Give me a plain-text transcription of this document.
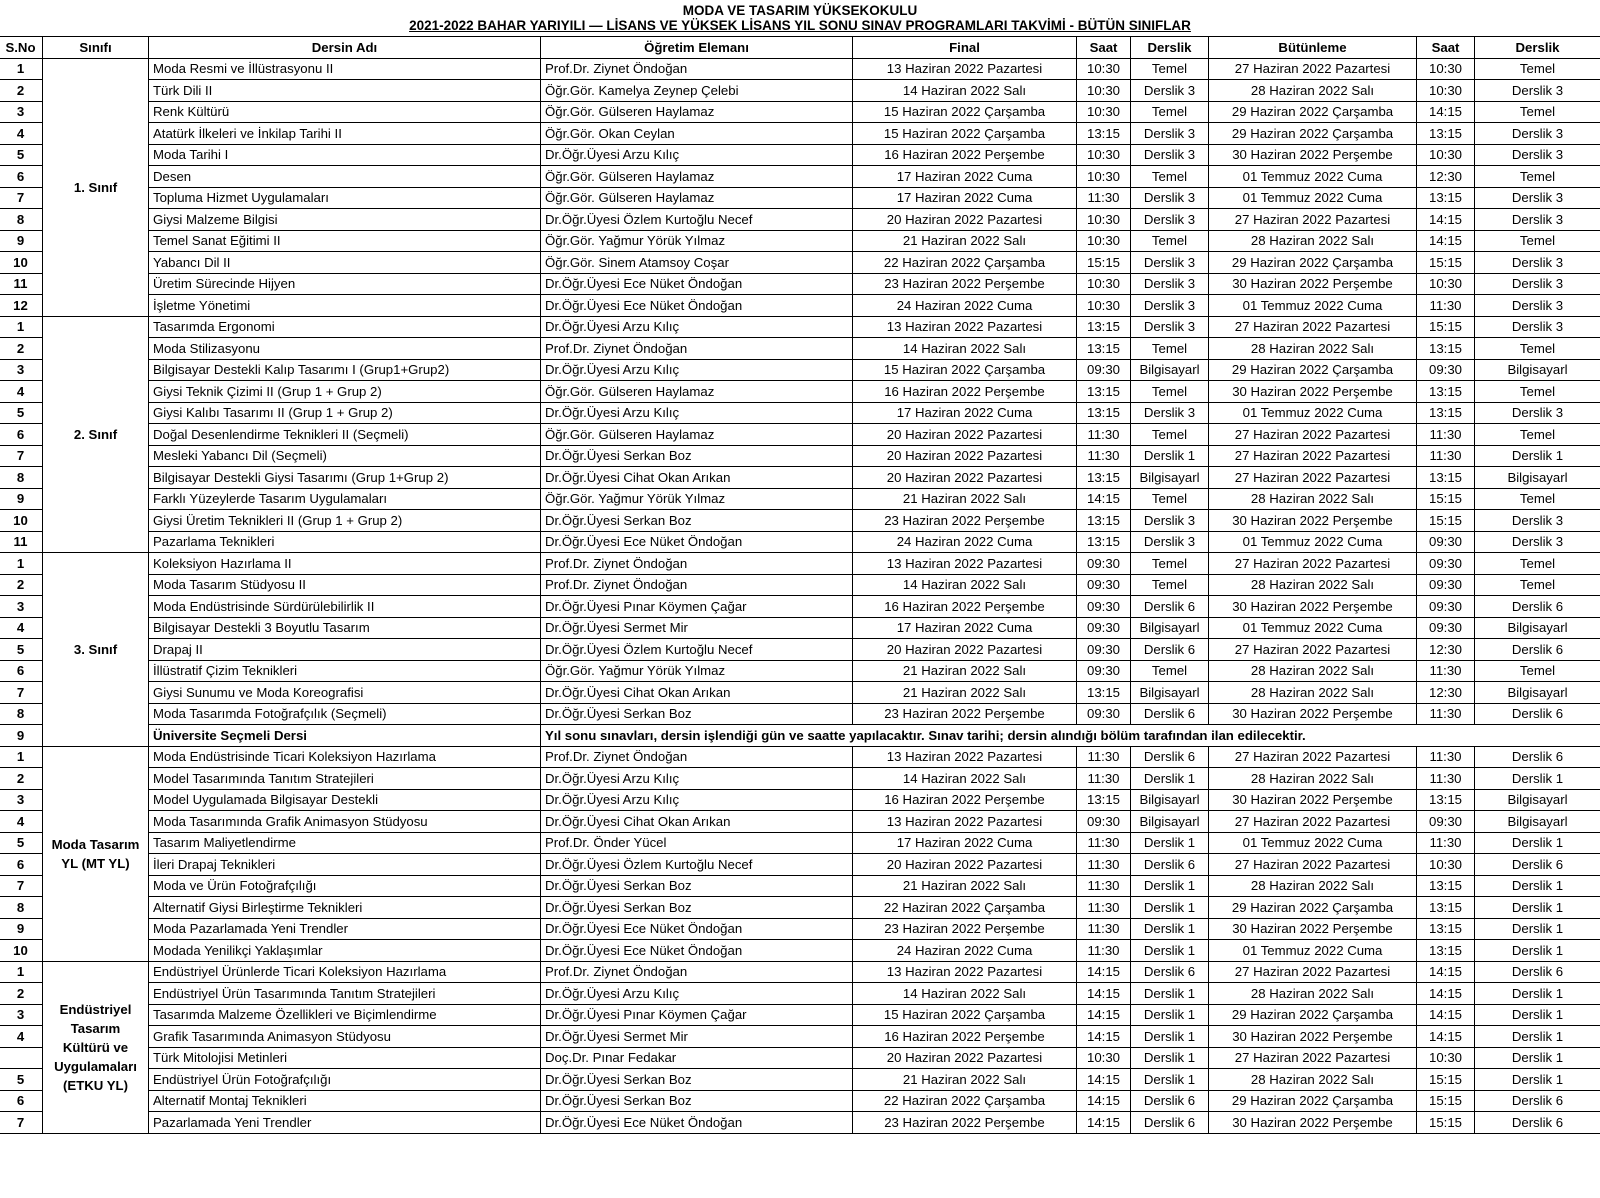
MODA VE TASARIM YÜKSEKOKULU
2021-2022 BAHAR YARIYILI — LİSANS VE YÜKSEK LİSANS YIL SONU SINAV PROGRAMLARI TAKVİMİ - BÜTÜN SINIFLAR
S.No	Sınıfı	Dersin Adı	Öğretim Elemanı	Final	Saat	Derslik	Bütünleme	Saat	Derslik
1	1. Sınıf	Moda Resmi ve İllüstrasyonu II	Prof.Dr. Ziynet Öndoğan	13 Haziran 2022 Pazartesi	10:30	Temel	27 Haziran 2022 Pazartesi	10:30	Temel
2		Türk Dili II	Öğr.Gör. Kamelya Zeynep Çelebi	14 Haziran 2022 Salı	10:30	Derslik 3	28 Haziran 2022 Salı	10:30	Derslik 3
3		Renk Kültürü	Öğr.Gör. Gülseren Haylamaz	15 Haziran 2022 Çarşamba	10:30	Temel	29 Haziran 2022 Çarşamba	14:15	Temel
4		Atatürk İlkeleri ve İnkilap Tarihi II	Öğr.Gör. Okan Ceylan	15 Haziran 2022 Çarşamba	13:15	Derslik 3	29 Haziran 2022 Çarşamba	13:15	Derslik 3
5		Moda Tarihi I	Dr.Öğr.Üyesi Arzu Kılıç	16 Haziran 2022 Perşembe	10:30	Derslik 3	30 Haziran 2022 Perşembe	10:30	Derslik 3
6		Desen	Öğr.Gör. Gülseren Haylamaz	17 Haziran 2022 Cuma	10:30	Temel	01 Temmuz 2022 Cuma	12:30	Temel
7		Topluma Hizmet Uygulamaları	Öğr.Gör. Gülseren Haylamaz	17 Haziran 2022 Cuma	11:30	Derslik 3	01 Temmuz 2022 Cuma	13:15	Derslik 3
8		Giysi Malzeme Bilgisi	Dr.Öğr.Üyesi Özlem Kurtoğlu Necef	20 Haziran 2022 Pazartesi	10:30	Derslik 3	27 Haziran 2022 Pazartesi	14:15	Derslik 3
9		Temel Sanat Eğitimi II	Öğr.Gör. Yağmur Yörük Yılmaz	21 Haziran 2022 Salı	10:30	Temel	28 Haziran 2022 Salı	14:15	Temel
10		Yabancı Dil II	Öğr.Gör. Sinem Atamsoy Coşar	22 Haziran 2022 Çarşamba	15:15	Derslik 3	29 Haziran 2022 Çarşamba	15:15	Derslik 3
11		Üretim Sürecinde Hijyen	Dr.Öğr.Üyesi Ece Nüket Öndoğan	23 Haziran 2022 Perşembe	10:30	Derslik 3	30 Haziran 2022 Perşembe	10:30	Derslik 3
12		İşletme Yönetimi	Dr.Öğr.Üyesi Ece Nüket Öndoğan	24 Haziran 2022 Cuma	10:30	Derslik 3	01 Temmuz 2022 Cuma	11:30	Derslik 3
1	2. Sınıf	Tasarımda Ergonomi	Dr.Öğr.Üyesi Arzu Kılıç	13 Haziran 2022 Pazartesi	13:15	Derslik 3	27 Haziran 2022 Pazartesi	15:15	Derslik 3
2		Moda Stilizasyonu	Prof.Dr. Ziynet Öndoğan	14 Haziran 2022 Salı	13:15	Temel	28 Haziran 2022 Salı	13:15	Temel
3		Bilgisayar Destekli Kalıp Tasarımı I (Grup1+Grup2)	Dr.Öğr.Üyesi Arzu Kılıç	15 Haziran 2022 Çarşamba	09:30	Bilgisayarl	29 Haziran 2022 Çarşamba	09:30	Bilgisayarl
4		Giysi Teknik Çizimi II (Grup 1 + Grup 2)	Öğr.Gör. Gülseren Haylamaz	16 Haziran 2022 Perşembe	13:15	Temel	30 Haziran 2022 Perşembe	13:15	Temel
5		Giysi Kalıbı Tasarımı II (Grup 1 + Grup 2)	Dr.Öğr.Üyesi Arzu Kılıç	17 Haziran 2022 Cuma	13:15	Derslik 3	01 Temmuz 2022 Cuma	13:15	Derslik 3
6		Doğal Desenlendirme Teknikleri II (Seçmeli)	Öğr.Gör. Gülseren Haylamaz	20 Haziran 2022 Pazartesi	11:30	Temel	27 Haziran 2022 Pazartesi	11:30	Temel
7		Mesleki Yabancı Dil (Seçmeli)	Dr.Öğr.Üyesi Serkan Boz	20 Haziran 2022 Pazartesi	11:30	Derslik 1	27 Haziran 2022 Pazartesi	11:30	Derslik 1
8		Bilgisayar Destekli Giysi Tasarımı (Grup 1+Grup 2)	Dr.Öğr.Üyesi Cihat Okan Arıkan	20 Haziran 2022 Pazartesi	13:15	Bilgisayarl	27 Haziran 2022 Pazartesi	13:15	Bilgisayarl
9		Farklı Yüzeylerde Tasarım Uygulamaları	Öğr.Gör. Yağmur Yörük Yılmaz	21 Haziran 2022 Salı	14:15	Temel	28 Haziran 2022 Salı	15:15	Temel
10		Giysi Üretim Teknikleri II (Grup 1 + Grup 2)	Dr.Öğr.Üyesi Serkan Boz	23 Haziran 2022 Perşembe	13:15	Derslik 3	30 Haziran 2022 Perşembe	15:15	Derslik 3
11		Pazarlama Teknikleri	Dr.Öğr.Üyesi Ece Nüket Öndoğan	24 Haziran 2022 Cuma	13:15	Derslik 3	01 Temmuz 2022 Cuma	09:30	Derslik 3
1	3. Sınıf	Koleksiyon Hazırlama II	Prof.Dr. Ziynet Öndoğan	13 Haziran 2022 Pazartesi	09:30	Temel	27 Haziran 2022 Pazartesi	09:30	Temel
2		Moda Tasarım Stüdyosu II	Prof.Dr. Ziynet Öndoğan	14 Haziran 2022 Salı	09:30	Temel	28 Haziran 2022 Salı	09:30	Temel
3		Moda Endüstrisinde Sürdürülebilirlik II	Dr.Öğr.Üyesi Pınar Köymen Çağar	16 Haziran 2022 Perşembe	09:30	Derslik 6	30 Haziran 2022 Perşembe	09:30	Derslik 6
4		Bilgisayar Destekli 3 Boyutlu Tasarım	Dr.Öğr.Üyesi Sermet Mir	17 Haziran 2022 Cuma	09:30	Bilgisayarl	01 Temmuz 2022 Cuma	09:30	Bilgisayarl
5		Drapaj II	Dr.Öğr.Üyesi Özlem Kurtoğlu Necef	20 Haziran 2022 Pazartesi	09:30	Derslik 6	27 Haziran 2022 Pazartesi	12:30	Derslik 6
6		İllüstratif Çizim Teknikleri	Öğr.Gör. Yağmur Yörük Yılmaz	21 Haziran 2022 Salı	09:30	Temel	28 Haziran 2022 Salı	11:30	Temel
7		Giysi Sunumu ve Moda Koreografisi	Dr.Öğr.Üyesi Cihat Okan Arıkan	21 Haziran 2022 Salı	13:15	Bilgisayarl	28 Haziran 2022 Salı	12:30	Bilgisayarl
8		Moda Tasarımda Fotoğrafçılık (Seçmeli)	Dr.Öğr.Üyesi Serkan Boz	23 Haziran 2022 Perşembe	09:30	Derslik 6	30 Haziran 2022 Perşembe	11:30	Derslik 6
9		Üniversite Seçmeli Dersi	Yıl sonu sınavları, dersin işlendiği gün ve saatte yapılacaktır. Sınav tarihi; dersin alındığı bölüm tarafından ilan edilecektir.						
1	Moda Tasarım YL (MT YL)	Moda Endüstrisinde Ticari Koleksiyon Hazırlama	Prof.Dr. Ziynet Öndoğan	13 Haziran 2022 Pazartesi	11:30	Derslik 6	27 Haziran 2022 Pazartesi	11:30	Derslik 6
2		Model Tasarımında Tanıtım Stratejileri	Dr.Öğr.Üyesi Arzu Kılıç	14 Haziran 2022 Salı	11:30	Derslik 1	28 Haziran 2022 Salı	11:30	Derslik 1
3		Model Uygulamada Bilgisayar Destekli	Dr.Öğr.Üyesi Arzu Kılıç	16 Haziran 2022 Perşembe	13:15	Bilgisayarl	30 Haziran 2022 Perşembe	13:15	Bilgisayarl
4		Moda Tasarımında Grafik Animasyon Stüdyosu	Dr.Öğr.Üyesi Cihat Okan Arıkan	13 Haziran 2022 Pazartesi	09:30	Bilgisayarl	27 Haziran 2022 Pazartesi	09:30	Bilgisayarl
5		Tasarım Maliyetlendirme	Prof.Dr. Önder Yücel	17 Haziran 2022 Cuma	11:30	Derslik 1	01 Temmuz 2022 Cuma	11:30	Derslik 1
6		İleri Drapaj Teknikleri	Dr.Öğr.Üyesi Özlem Kurtoğlu Necef	20 Haziran 2022 Pazartesi	11:30	Derslik 6	27 Haziran 2022 Pazartesi	10:30	Derslik 6
7		Moda ve Ürün Fotoğrafçılığı	Dr.Öğr.Üyesi Serkan Boz	21 Haziran 2022 Salı	11:30	Derslik 1	28 Haziran 2022 Salı	13:15	Derslik 1
8		Alternatif Giysi Birleştirme Teknikleri	Dr.Öğr.Üyesi Serkan Boz	22 Haziran 2022 Çarşamba	11:30	Derslik 1	29 Haziran 2022 Çarşamba	13:15	Derslik 1
9		Moda Pazarlamada Yeni Trendler	Dr.Öğr.Üyesi Ece Nüket Öndoğan	23 Haziran 2022 Perşembe	11:30	Derslik 1	30 Haziran 2022 Perşembe	13:15	Derslik 1
10		Modada Yenilikçi Yaklaşımlar	Dr.Öğr.Üyesi Ece Nüket Öndoğan	24 Haziran 2022 Cuma	11:30	Derslik 1	01 Temmuz 2022 Cuma	13:15	Derslik 1
1	Endüstriyel Tasarım Kültürü ve Uygulamaları (ETKU YL)	Endüstriyel Ürünlerde Ticari Koleksiyon Hazırlama	Prof.Dr. Ziynet Öndoğan	13 Haziran 2022 Pazartesi	14:15	Derslik 6	27 Haziran 2022 Pazartesi	14:15	Derslik 6
2		Endüstriyel Ürün Tasarımında Tanıtım Stratejileri	Dr.Öğr.Üyesi Arzu Kılıç	14 Haziran 2022 Salı	14:15	Derslik 1	28 Haziran 2022 Salı	14:15	Derslik 1
3		Tasarımda Malzeme Özellikleri ve Biçimlendirme	Dr.Öğr.Üyesi Pınar Köymen Çağar	15 Haziran 2022 Çarşamba	14:15	Derslik 1	29 Haziran 2022 Çarşamba	14:15	Derslik 1
4		Grafik Tasarımında Animasyon Stüdyosu	Dr.Öğr.Üyesi Sermet Mir	16 Haziran 2022 Perşembe	14:15	Derslik 1	30 Haziran 2022 Perşembe	14:15	Derslik 1
		Türk Mitolojisi Metinleri	Doç.Dr. Pınar Fedakar	20 Haziran 2022 Pazartesi	10:30	Derslik 1	27 Haziran 2022 Pazartesi	10:30	Derslik 1
5		Endüstriyel Ürün Fotoğrafçılığı	Dr.Öğr.Üyesi Serkan Boz	21 Haziran 2022 Salı	14:15	Derslik 1	28 Haziran 2022 Salı	15:15	Derslik 1
6		Alternatif Montaj Teknikleri	Dr.Öğr.Üyesi Serkan Boz	22 Haziran 2022 Çarşamba	14:15	Derslik 6	29 Haziran 2022 Çarşamba	15:15	Derslik 6
7		Pazarlamada Yeni Trendler	Dr.Öğr.Üyesi Ece Nüket Öndoğan	23 Haziran 2022 Perşembe	14:15	Derslik 6	30 Haziran 2022 Perşembe	15:15	Derslik 6
